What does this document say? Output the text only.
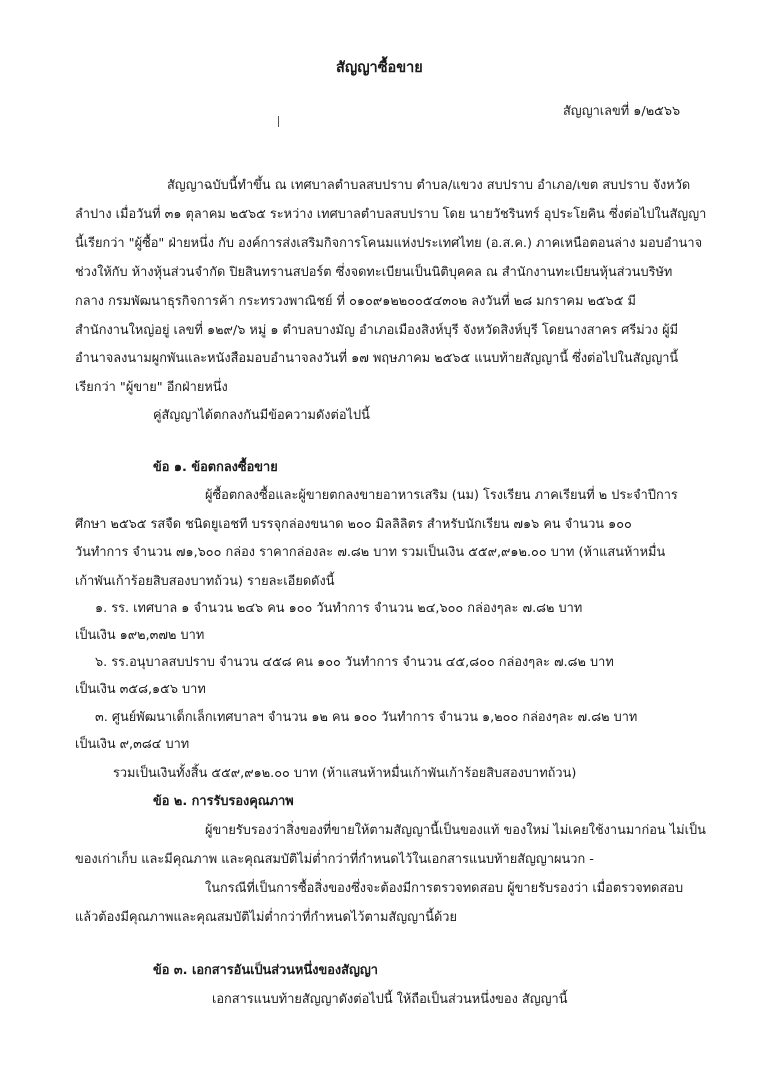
สัญญาซื้อขาย
สัญญาเลขที่ ๑/๒๕๖๖
สัญญาฉบับนี้ทำขึ้น ณ เทศบาลตำบลสบปราบ ตำบล/แขวง สบปราบ อำเภอ/เขต สบปราบ จังหวัด
ลำปาง เมื่อวันที่ ๓๑ ตุลาคม ๒๕๖๕ ระหว่าง เทศบาลตำบลสบปราบ โดย นายวัชรินทร์ อุประโยคิน ซึ่งต่อไปในสัญญา
นี้เรียกว่า "ผู้ซื้อ" ฝ่ายหนึ่ง กับ องค์การส่งเสริมกิจการโคนมแห่งประเทศไทย (อ.ส.ค.) ภาคเหนือตอนล่าง มอบอำนาจ
ช่วงให้กับ ห้างหุ้นส่วนจำกัด ปิยสินทรานสปอร์ต ซึ่งจดทะเบียนเป็นนิติบุคคล ณ สำนักงานทะเบียนหุ้นส่วนบริษัท
กลาง กรมพัฒนาธุรกิจการค้า กระทรวงพาณิชย์ ที่ ๐๑๐๙๑๒๒๐๐๕๔๓๐๒ ลงวันที่ ๒๘ มกราคม ๒๕๖๕ มี
สำนักงานใหญ่อยู่ เลขที่ ๑๒๙/๖ หมู่ ๑ ตำบลบางมัญ อำเภอเมืองสิงห์บุรี จังหวัดสิงห์บุรี โดยนางสาคร ศรีม่วง ผู้มี
อำนาจลงนามผูกพันและหนังสือมอบอำนาจลงวันที่ ๑๗ พฤษภาคม ๒๕๖๕ แนบท้ายสัญญานี้ ซึ่งต่อไปในสัญญานี้
เรียกว่า "ผู้ขาย" อีกฝ่ายหนึ่ง
คู่สัญญาได้ตกลงกันมีข้อความดังต่อไปนี้
ข้อ ๑. ข้อตกลงซื้อขาย
ผู้ซื้อตกลงซื้อและผู้ขายตกลงขายอาหารเสริม (นม) โรงเรียน ภาคเรียนที่ ๒ ประจำปีการ
ศึกษา ๒๕๖๕ รสจืด ชนิดยูเอชที บรรจุกล่องขนาด ๒๐๐ มิลลิลิตร สำหรับนักเรียน ๗๑๖ คน จำนวน ๑๐๐
วันทำการ จำนวน ๗๑,๖๐๐ กล่อง ราคากล่องละ ๗.๘๒ บาท รวมเป็นเงิน ๕๕๙,๙๑๒.๐๐ บาท (ห้าแสนห้าหมื่น
เก้าพันเก้าร้อยสิบสองบาทถ้วน) รายละเอียดดังนี้
๑. รร. เทศบาล ๑ จำนวน ๒๔๖ คน ๑๐๐ วันทำการ จำนวน ๒๔,๖๐๐ กล่องๆละ ๗.๘๒ บาท
เป็นเงิน ๑๙๒,๓๗๒ บาท
๖. รร.อนุบาลสบปราบ จำนวน ๔๕๘ คน ๑๐๐ วันทำการ จำนวน ๔๕,๘๐๐ กล่องๆละ ๗.๘๒ บาท
เป็นเงิน ๓๕๘,๑๕๖ บาท
๓. ศูนย์พัฒนาเด็กเล็กเทศบาลฯ จำนวน ๑๒ คน ๑๐๐ วันทำการ จำนวน ๑,๒๐๐ กล่องๆละ ๗.๘๒ บาท
เป็นเงิน ๙,๓๘๔ บาท
รวมเป็นเงินทั้งสิ้น ๕๕๙,๙๑๒.๐๐ บาท (ห้าแสนห้าหมื่นเก้าพันเก้าร้อยสิบสองบาทถ้วน)
ข้อ ๒. การรับรองคุณภาพ
ผู้ขายรับรองว่าสิ่งของที่ขายให้ตามสัญญานี้เป็นของแท้ ของใหม่ ไม่เคยใช้งานมาก่อน ไม่เป็น
ของเก่าเก็บ และมีคุณภาพ และคุณสมบัติไม่ต่ำกว่าที่กำหนดไว้ในเอกสารแนบท้ายสัญญาผนวก -
ในกรณีที่เป็นการซื้อสิ่งของซึ่งจะต้องมีการตรวจทดสอบ ผู้ขายรับรองว่า เมื่อตรวจทดสอบ
แล้วต้องมีคุณภาพและคุณสมบัติไม่ต่ำกว่าที่กำหนดไว้ตามสัญญานี้ด้วย
ข้อ ๓. เอกสารอันเป็นส่วนหนึ่งของสัญญา
เอกสารแนบท้ายสัญญาดังต่อไปนี้ ให้ถือเป็นส่วนหนึ่งของ สัญญานี้
